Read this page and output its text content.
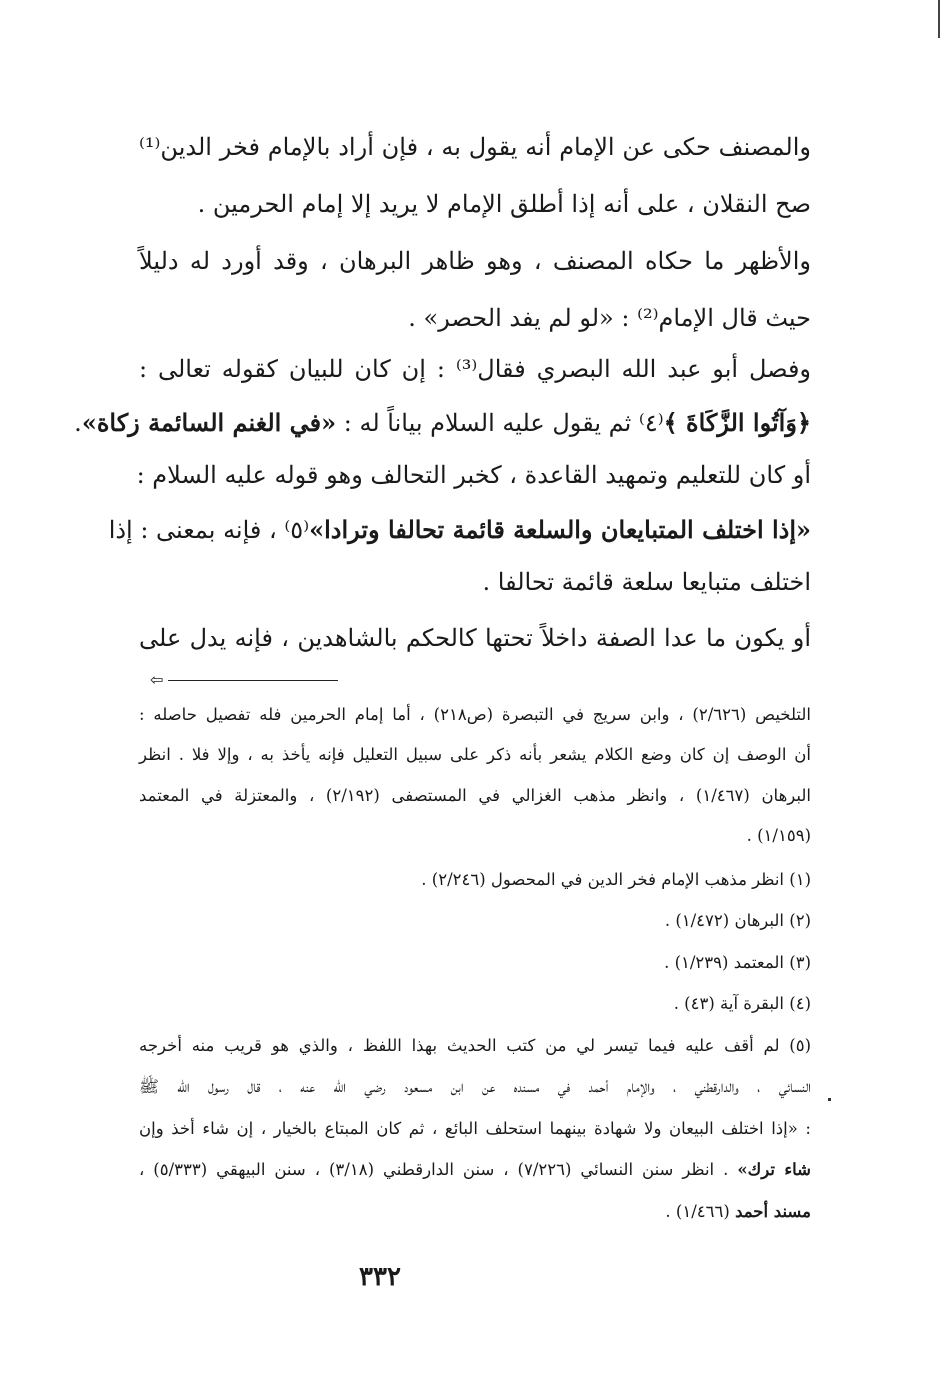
والمصنف حكى عن الإمام أنه يقول به ، فإن أراد بالإمام فخر الدين⁽¹⁾
صح النقلان ، على أنه إذا أطلق الإمام لا يريد إلا إمام الحرمين .
والأظهر ما حكاه المصنف ، وهو ظاهر البرهان ، وقد أورد له دليلاً
حيث قال الإمام⁽²⁾ : «لو لم يفد الحصر» .
وفصل أبو عبد الله البصري فقال⁽³⁾ : إن كان للبيان كقوله تعالى :
﴿وَآتُوا الزَّكَاةَ ﴾⁽٤⁾ ثم يقول عليه السلام بياناً له : «في الغنم السائمة زكاة».
أو كان للتعليم وتمهيد القاعدة ، كخبر التحالف وهو قوله عليه السلام :
«إذا اختلف المتبايعان والسلعة قائمة تحالفا وترادا»⁽٥⁾ ، فإنه بمعنى : إذا
اختلف متبايعا سلعة قائمة تحالفا .
أو يكون ما عدا الصفة داخلاً تحتها كالحكم بالشاهدين ، فإنه يدل على
⇦
التلخيص (٢/٦٢٦) ، وابن سريج في التبصرة (ص٢١٨) ، أما إمام الحرمين فله تفصيل حاصله :
أن الوصف إن كان وضع الكلام يشعر بأنه ذكر على سبيل التعليل فإنه يأخذ به ، وإلا فلا . انظر
البرهان (١/٤٦٧) ، وانظر مذهب الغزالي في المستصفى (٢/١٩٢) ، والمعتزلة في المعتمد
(١/١٥٩) .
(١) انظر مذهب الإمام فخر الدين في المحصول (٢/٢٤٦) .
(٢) البرهان (١/٤٧٢) .
(٣) المعتمد (١/٢٣٩) .
(٤) البقرة آية (٤٣) .
(٥) لم أقف عليه فيما تيسر لي من كتب الحديث بهذا اللفظ ، والذي هو قريب منه أخرجه
النسائي ، والدارقطني ، والإمام أحمد في مسنده عن ابن مسعود رضي الله عنه ، قال رسول الله ﷺ
: «إذا اختلف البيعان ولا شهادة بينهما استحلف البائع ، ثم كان المبتاع بالخيار ، إن شاء أخذ وإن
شاء ترك» . انظر سنن النسائي (٧/٢٢٦) ، سنن الدارقطني (٣/١٨) ، سنن البيهقي (٥/٣٣٣) ،
مسند أحمد (١/٤٦٦) .
٣٣٢
